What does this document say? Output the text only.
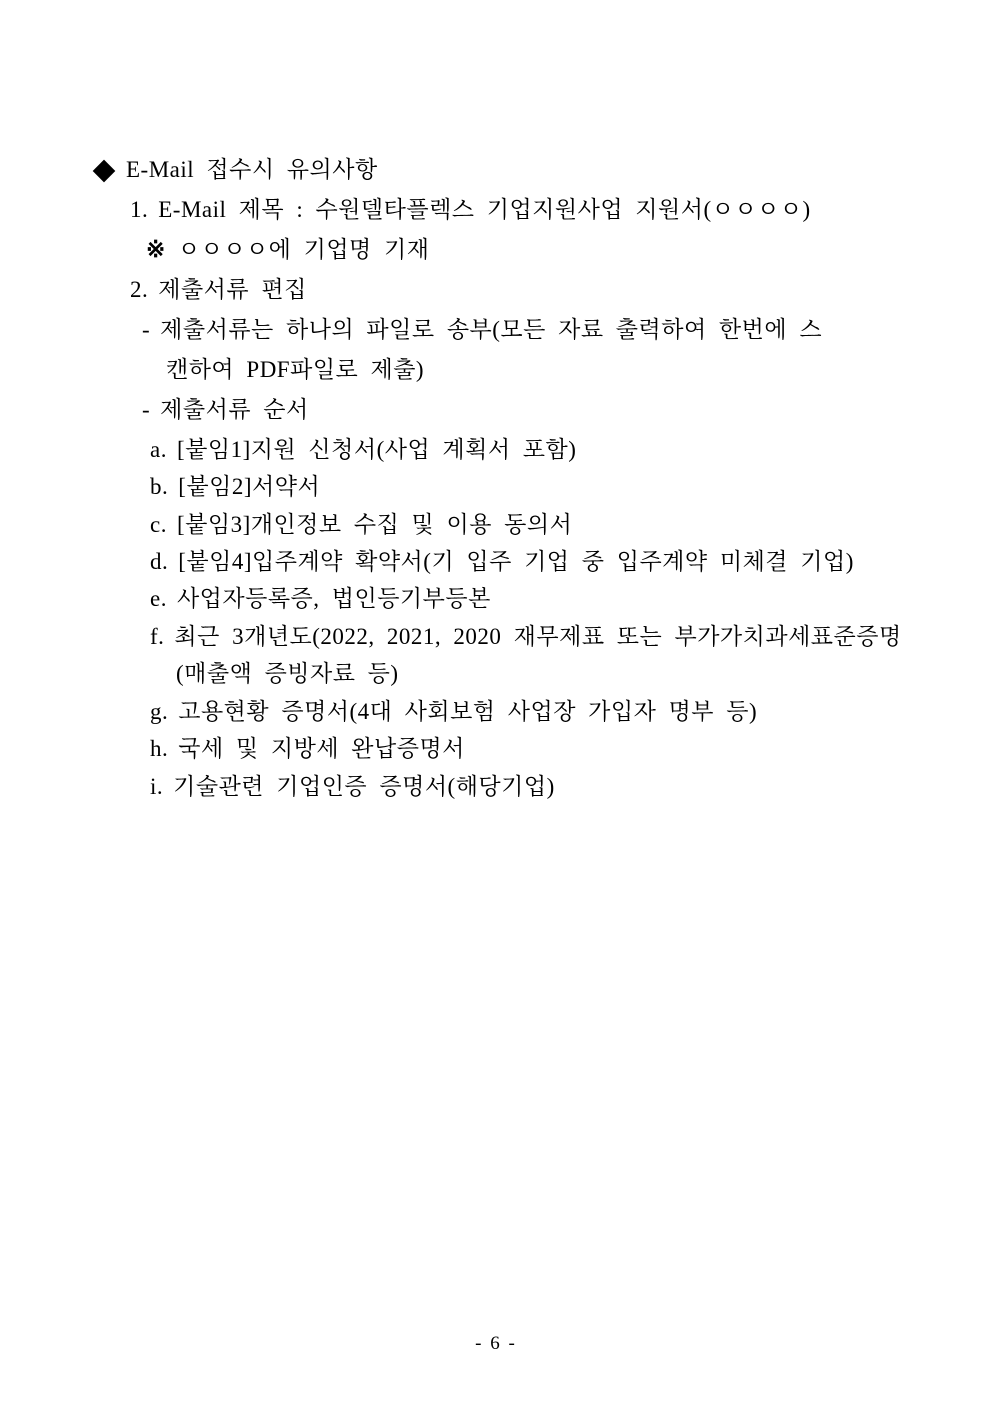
E-Mail 접수시 유의사항
1. E-Mail 제목 : 수원델타플렉스 기업지원사업 지원서(ㅇㅇㅇㅇ)
※ ㅇㅇㅇㅇ에 기업명 기재
2. 제출서류 편집
- 제출서류는 하나의 파일로 송부(모든 자료 출력하여 한번에 스
캔하여 PDF파일로 제출)
- 제출서류 순서
a. [붙임1]지원 신청서(사업 계획서 포함)
b. [붙임2]서약서
c. [붙임3]개인정보 수집 및 이용 동의서
d. [붙임4]입주계약 확약서(기 입주 기업 중 입주계약 미체결 기업)
e. 사업자등록증, 법인등기부등본
f. 최근 3개년도(2022, 2021, 2020 재무제표 또는 부가가치과세표준증명
(매출액 증빙자료 등)
g. 고용현황 증명서(4대 사회보험 사업장 가입자 명부 등)
h. 국세 및 지방세 완납증명서
i. 기술관련 기업인증 증명서(해당기업)
- 6 -
